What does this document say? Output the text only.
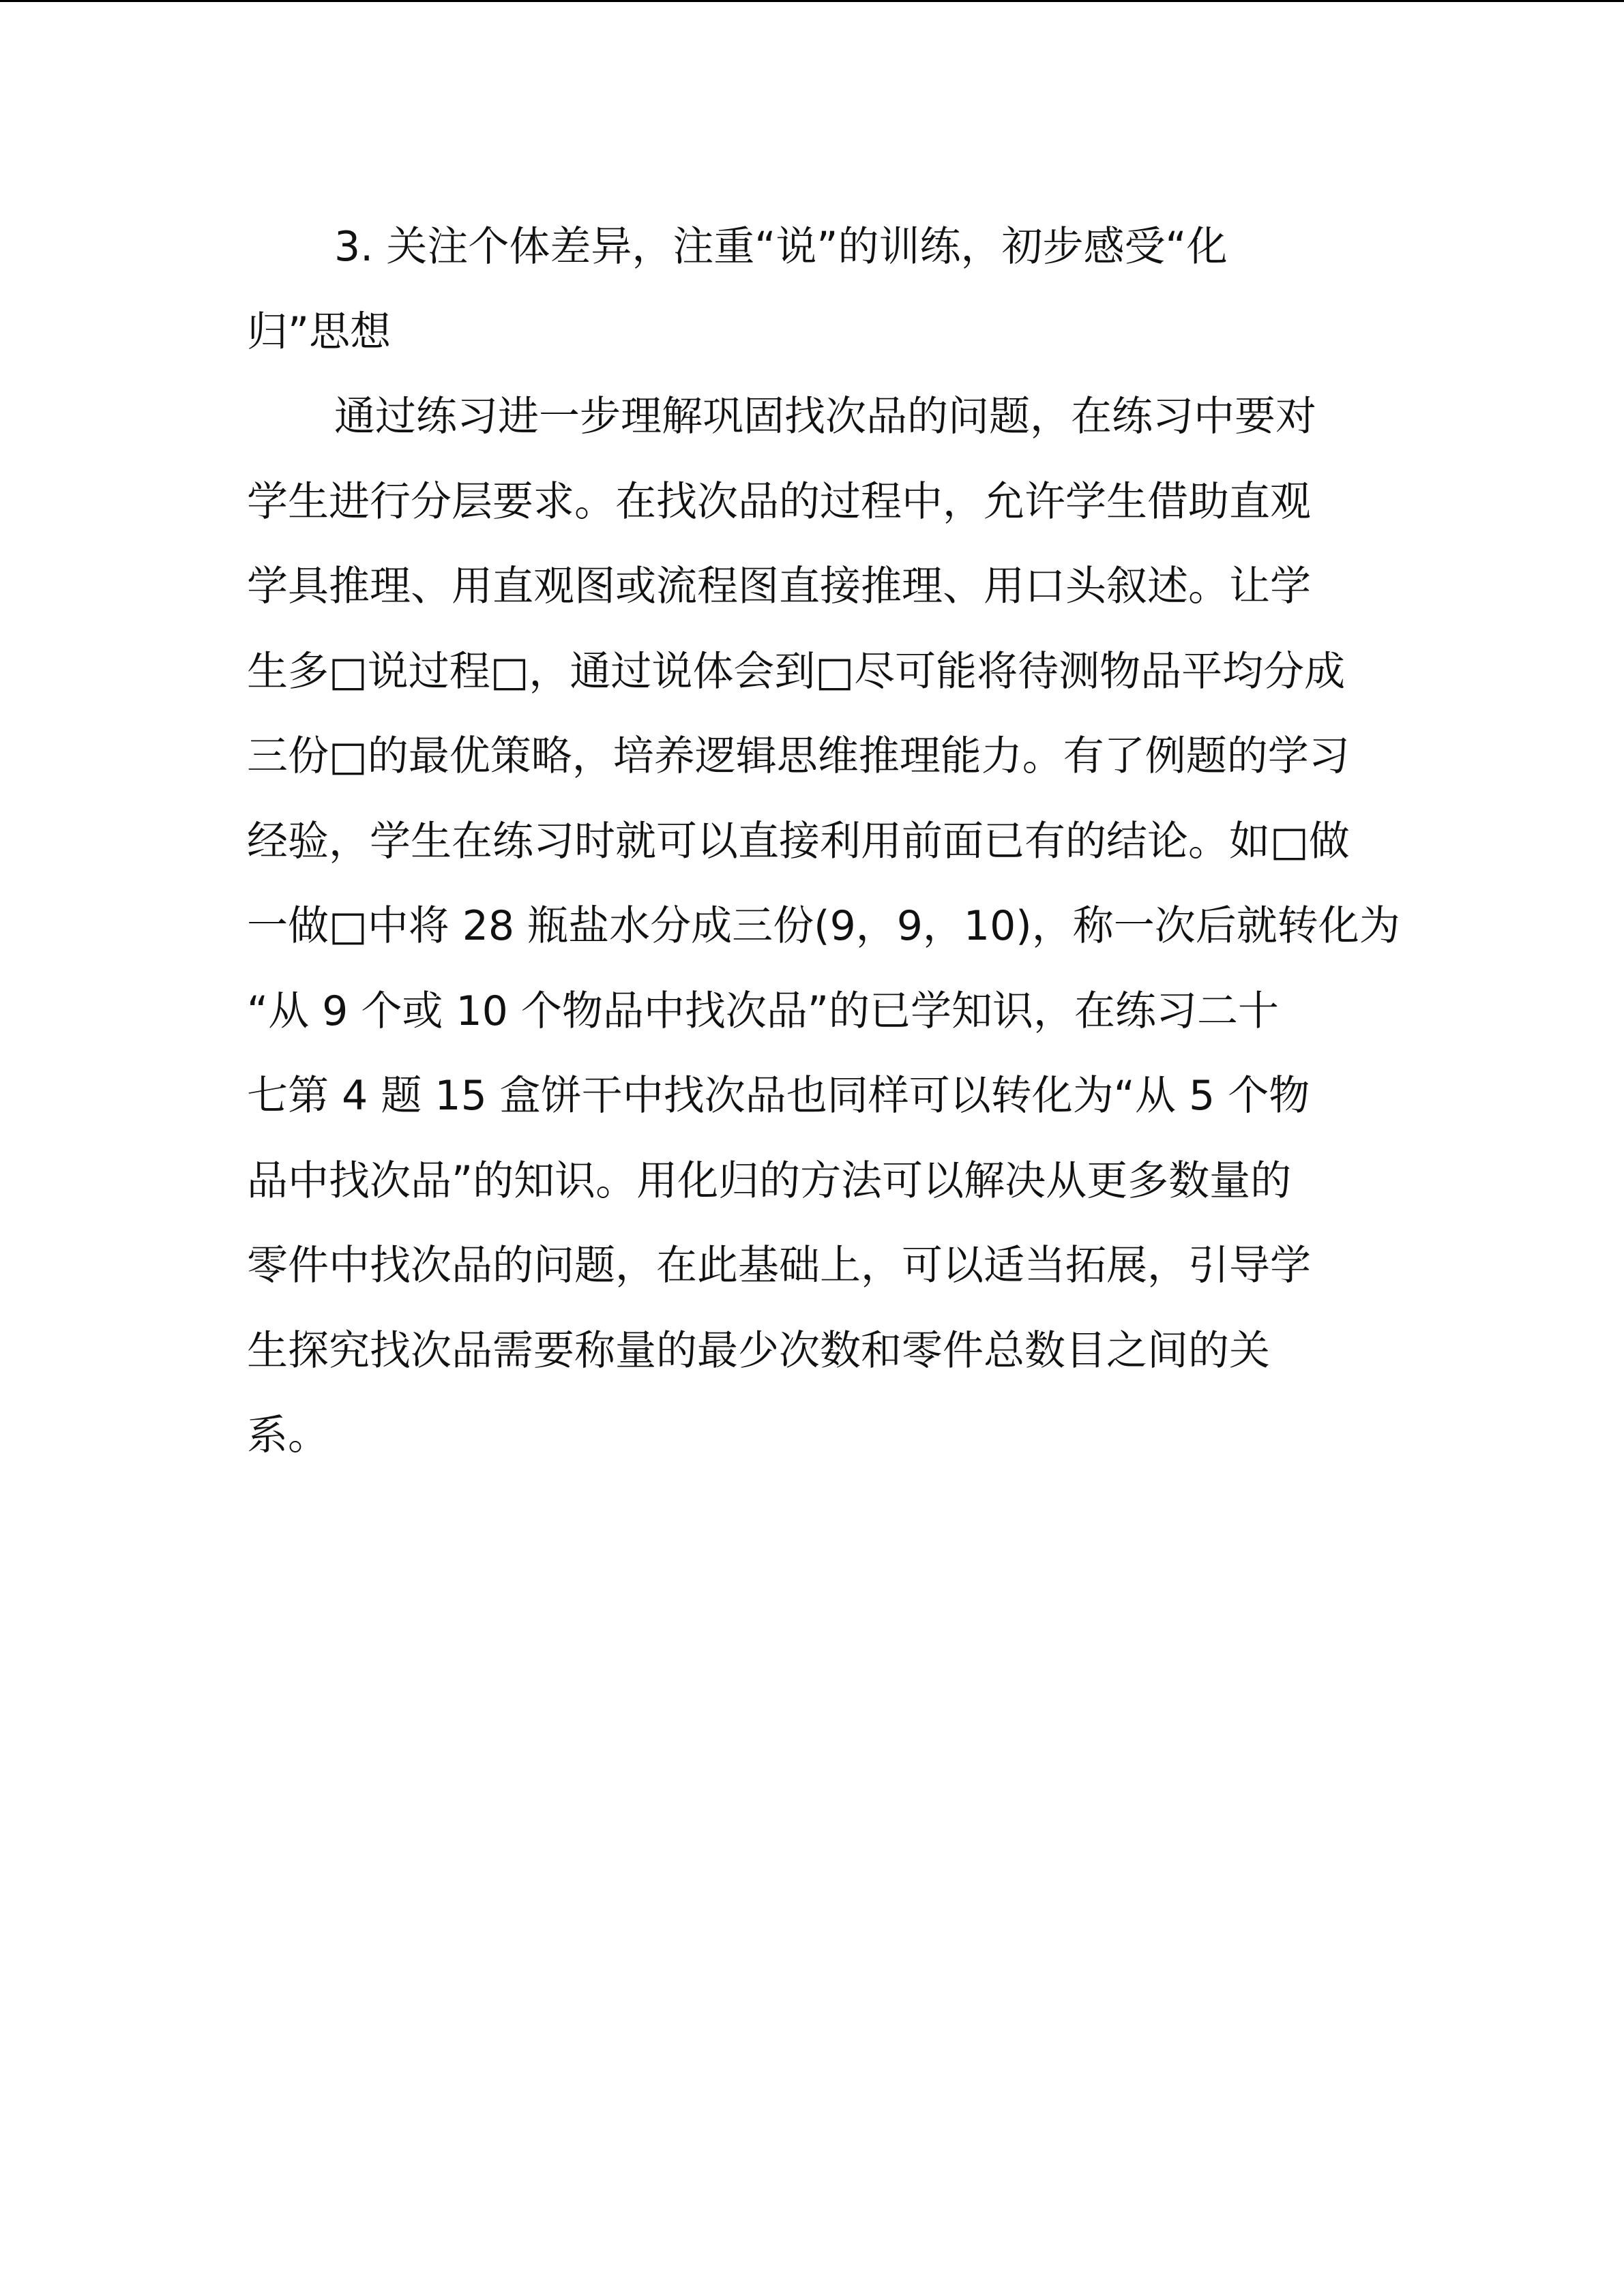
3. 关注个体差异，注重“说”的训练，初步感受“化
归”思想
通过练习进一步理解巩固找次品的问题，在练习中要对
学生进行分层要求。在找次品的过程中，允许学生借助直观
学具推理、用直观图或流程图直接推理、用口头叙述。让学
生多□说过程□，通过说体会到□尽可能将待测物品平均分成
三份□的最优策略，培养逻辑思维推理能力。有了例题的学习
经验，学生在练习时就可以直接利用前面已有的结论。如□做
一做□中将 28 瓶盐水分成三份(9，9，10)，称一次后就转化为
“从 9 个或 10 个物品中找次品”的已学知识，在练习二十
七第 4 题 15 盒饼干中找次品也同样可以转化为“从 5 个物
品中找次品”的知识。用化归的方法可以解决从更多数量的
零件中找次品的问题，在此基础上，可以适当拓展，引导学
生探究找次品需要称量的最少次数和零件总数目之间的关
系。
